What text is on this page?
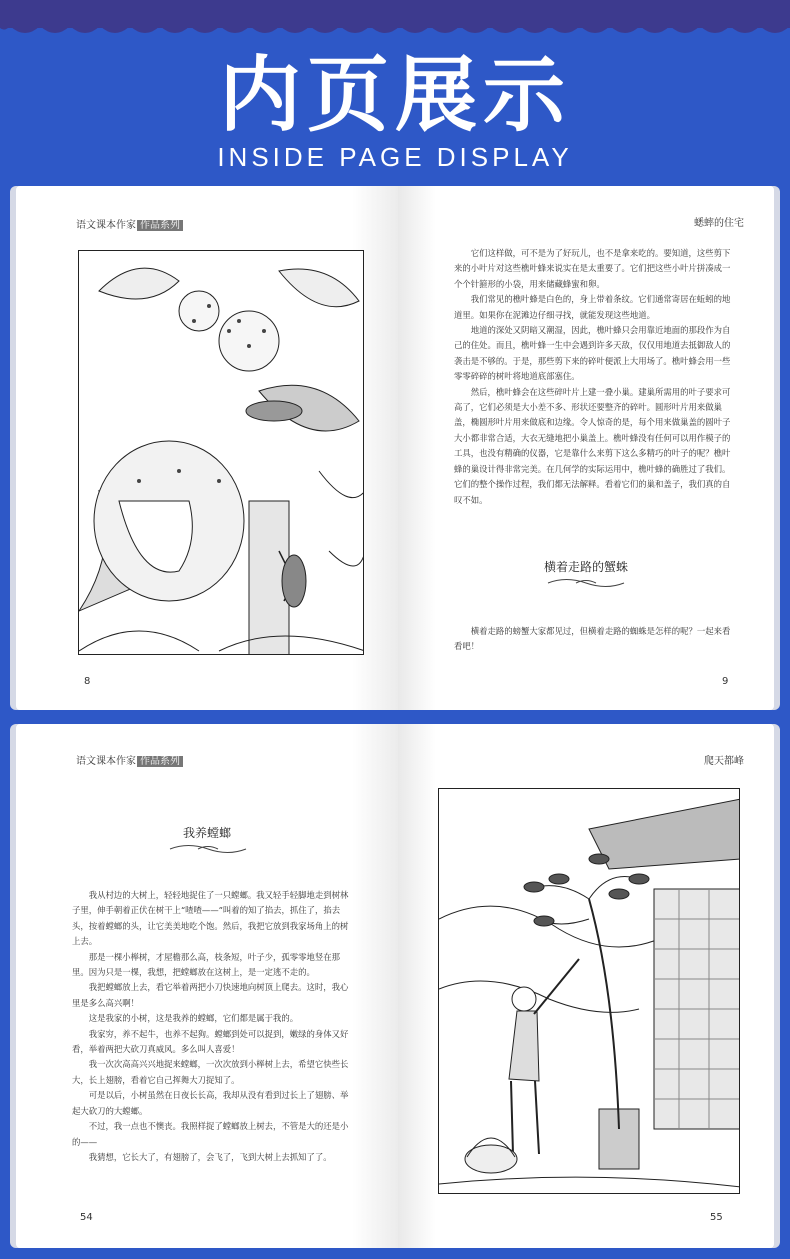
内页展示
INSIDE PAGE DISPLAY
语文课本作家 作品系列
8
蟋蟀的住宅

它们这样做，可不是为了好玩儿，也不是拿来吃的。要知道，这些剪下来的小叶片对这些樵叶蜂来说实在是太重要了。它们把这些小叶片拼凑成一个个针箍形的小袋，用来储藏蜂蜜和卵。

我们常见的樵叶蜂是白色的，身上带着条纹。它们通常寄居在蚯蚓的地道里。如果你在泥滩边仔细寻找，就能发现这些地道。

地道的深处又阴暗又潮湿，因此，樵叶蜂只会用靠近地面的那段作为自己的住处。而且，樵叶蜂一生中会遇到许多天敌，仅仅用地道去抵御敌人的袭击是不够的。于是，那些剪下来的碎叶便派上大用场了。樵叶蜂会用一些零零碎碎的树叶将地道底部塞住。

然后，樵叶蜂会在这些碎叶片上建一叠小巢。建巢所需用的叶子要求可高了，它们必须是大小差不多、形状还要整齐的碎叶。圆形叶片用来做巢盖，椭圆形叶片用来做底和边缘。令人惊奇的是，每个用来做巢盖的圆叶子大小都非常合适，大衣无缝地把小巢盖上。樵叶蜂没有任何可以用作模子的工具，也没有精确的仪器，它是靠什么来剪下这么多精巧的叶子的呢？樵叶蜂的巢设计得非常完美。在几何学的实际运用中，樵叶蜂的确胜过了我们。它们的整个操作过程，我们都无法解释。看着它们的巢和盖子，我们真的自叹不如。

横着走路的蟹蛛

横着走路的螃蟹大家都见过，但横着走路的蜘蛛是怎样的呢？一起来看看吧！

9
语文课本作家 作品系列
我养螳螂

我从村边的大树上，轻轻地捉住了一只螳螂。我又轻手轻脚地走到树林子里，伸手朝着正伏在树干上“喳喳——”叫着的知了掐去，抓住了，掐去头，按着螳螂的头，让它美美地吃个饱。然后，我把它放到我家场角上的树上去。

那是一棵小榉树，才屋檐那么高，枝条短，叶子少，孤零零地竖在那里。因为只是一棵，我想，把螳螂放在这树上，是一定逃不走的。

我把螳螂放上去，看它举着两把小刀快速地向树顶上爬去。这时，我心里是多么高兴啊！

这是我家的小树，这是我养的螳螂，它们都是属于我的。

我家穷，养不起牛，也养不起狗。螳螂到处可以捉到，嫩绿的身体又好看，举着两把大砍刀真威风。多么叫人喜爱！

我一次次高高兴兴地捉来螳螂，一次次放到小榉树上去，希望它快些长大，长上翅膀，看着它自己挥舞大刀捉知了。

可是以后，小树虽然在日夜长长高，我却从没有看到过长上了翅膀、举起大砍刀的大螳螂。

不过，我一点也不懊丧。我照样捉了螳螂放上树去，不管是大的还是小的——

我猜想，它长大了，有翅膀了，会飞了，飞到大树上去抓知了了。

54
爬天都峰
55
